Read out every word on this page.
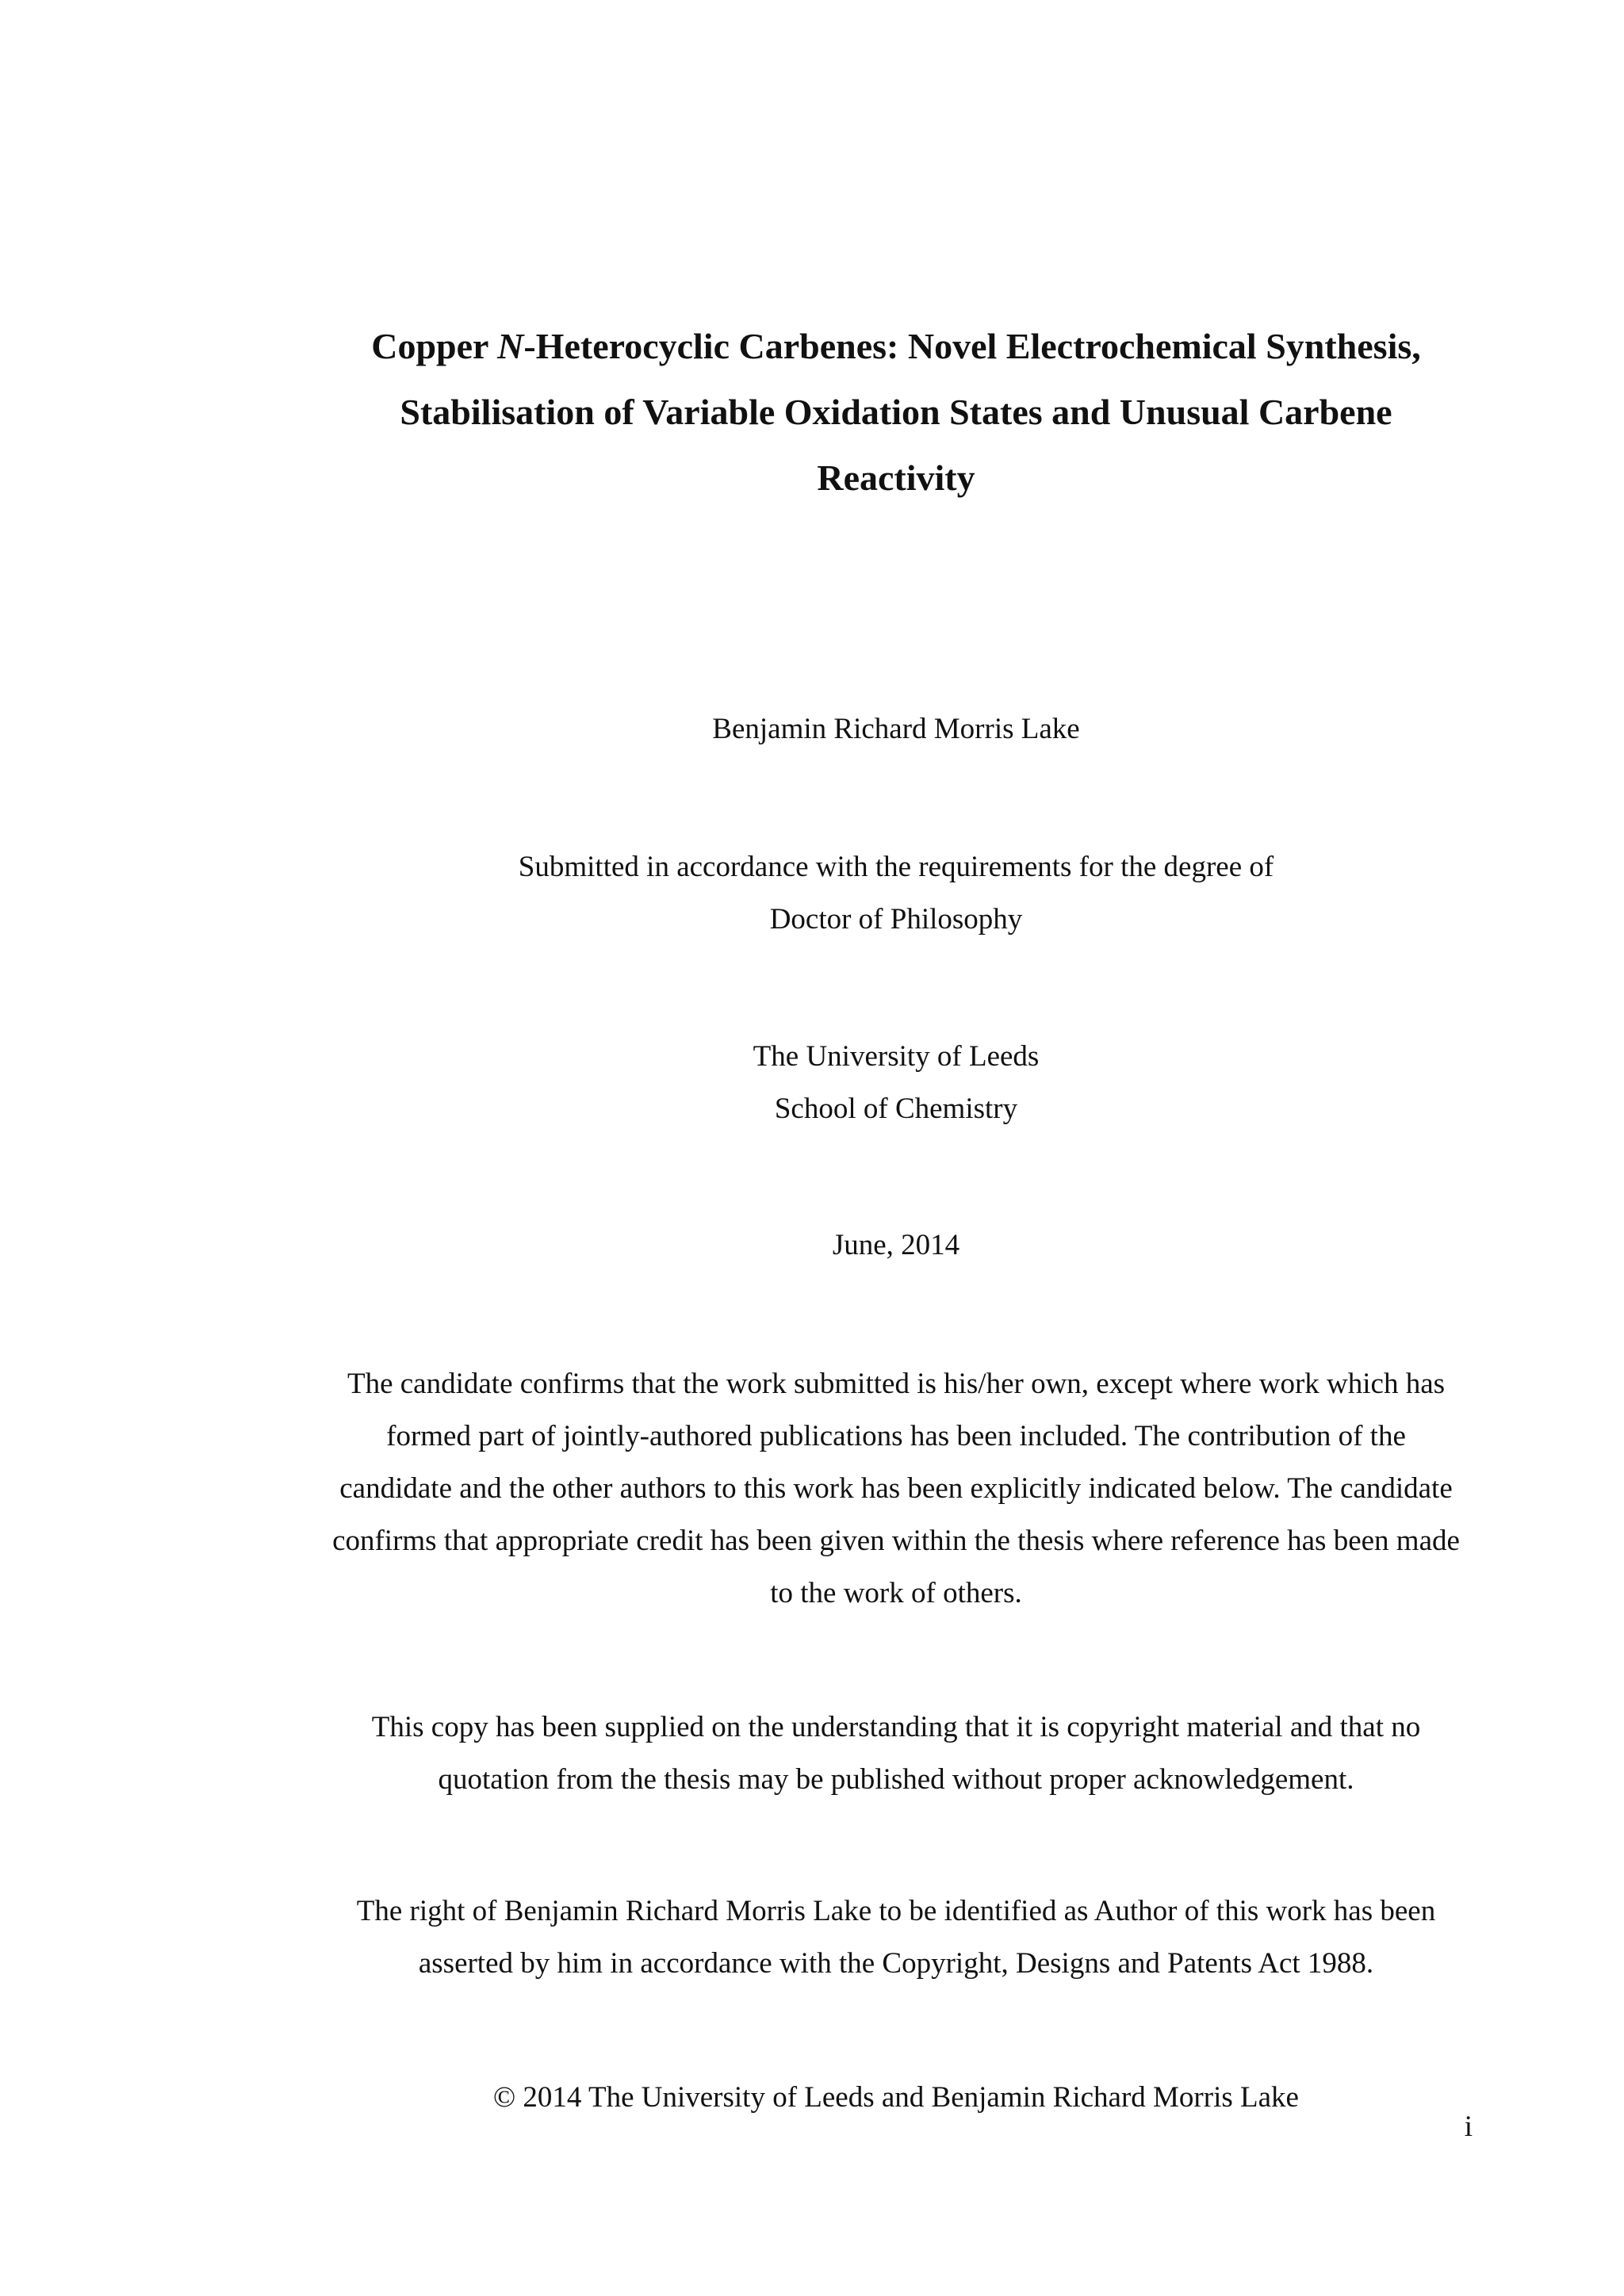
Copper N-Heterocyclic Carbenes: Novel Electrochemical Synthesis,
Stabilisation of Variable Oxidation States and Unusual Carbene
Reactivity
Benjamin Richard Morris Lake
Submitted in accordance with the requirements for the degree of
Doctor of Philosophy
The University of Leeds
School of Chemistry
June, 2014
The candidate confirms that the work submitted is his/her own, except where work which has
formed part of jointly-authored publications has been included. The contribution of the
candidate and the other authors to this work has been explicitly indicated below. The candidate
confirms that appropriate credit has been given within the thesis where reference has been made
to the work of others.
This copy has been supplied on the understanding that it is copyright material and that no
quotation from the thesis may be published without proper acknowledgement.
The right of Benjamin Richard Morris Lake to be identified as Author of this work has been
asserted by him in accordance with the Copyright, Designs and Patents Act 1988.
© 2014 The University of Leeds and Benjamin Richard Morris Lake
i
